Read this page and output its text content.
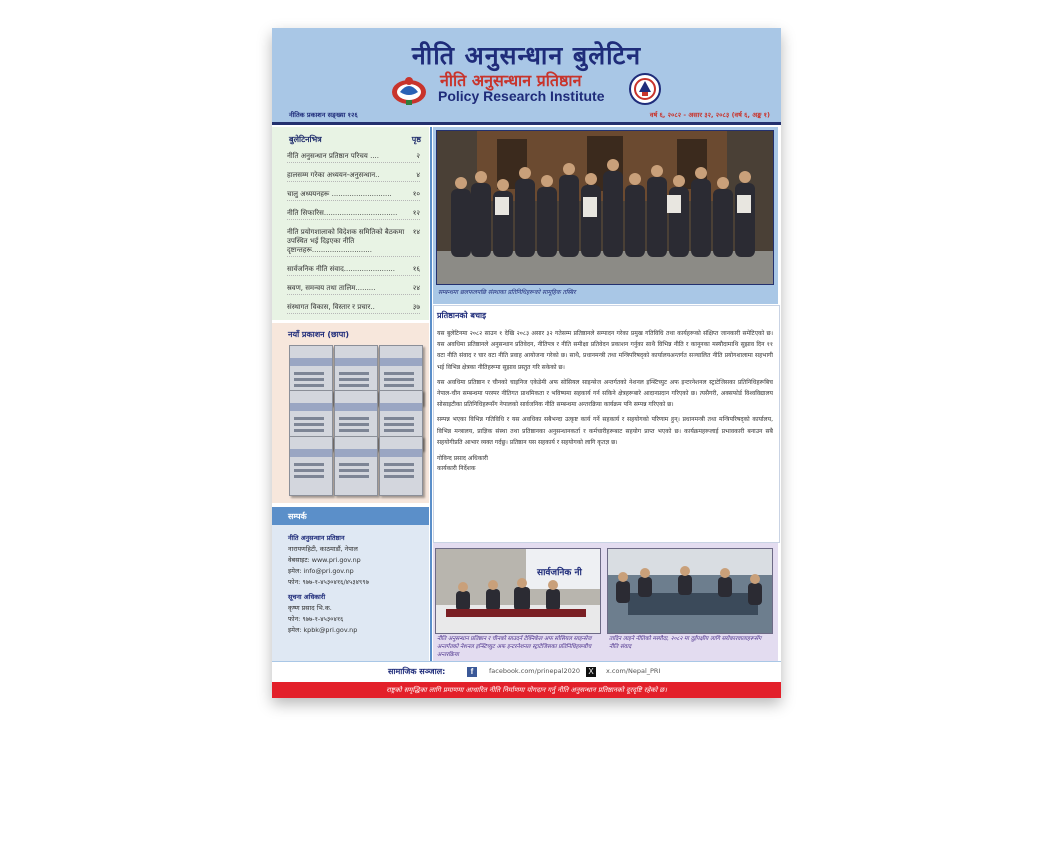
नीति अनुसन्धान बुलेटिन
नीति अनुसन्धान प्रतिष्ठान
Policy Research Institute
नीतिक प्रकाशन सङ्ख्या १२६	वर्ष ६, २०८२ - असार ३२, २०८३ (वर्ष ६, अङ्क १)
बुलेटिनभित्र	पृष्ठ
नीति अनुसन्धान प्रतिष्ठान परिचय ....	२
हालसम्म गरेका अध्ययन-अनुसन्धान..	४
चालु अध्ययनहरू ...........................	१०
नीति सिफारिस................................. १२
नीति प्रयोगशालाको विदेशक समितिको बैठकमा उपस्थित भई दिइएका नीति दृष्टान्तहरू...........................
१४
सार्वजनिक नीति संवाद.......................	१६
स्रवण, समन्वय तथा तालिम.........	२४
संस्थागत विकास, विस्तार र प्रचार..	३७
नयाँ प्रकाशन (छापा)
सम्पर्क
नीति अनुसन्धान प्रतिष्ठान
नारायणहिटी, काठमाडौं, नेपाल
वेबसाइट: www.pri.gov.np
इमेल: info@pri.gov.np
फोन: ९७७-१-४५३०४१६/४५३४९९७
सूचना अधिकारी
कृष्ण प्रसाद भि.क.
फोन: ९७७-१-४५३०४१६
इमेल: kpbk@pri.gov.np
सम्बन्धमा छलफलपछि संस्थाका प्रतिनिधिहरूको सामूहिक तस्बिर
प्रतिष्ठानको बचाइ

यस बुलेटिनमा २०८२ साउन १ देखि २०८३ असार ३२ गतेसम्म प्रतिष्ठानले सम्पादन गरेका प्रमुख गतिविधि तथा कार्यहरूको संक्षिप्त जानकारी समेटिएको छ। यस अवधिमा प्रतिष्ठानले अनुसन्धान प्रतिवेदन, नीतिपत्र र नीति समीक्षा प्रतिवेदन प्रकाशन गर्नुका साथै विभिन्न नीति र कानूनका मस्यौदामाथि सुझाव दिन ११ वटा नीति संवाद र चार वटा नीति प्रवाह आयोजना गरेको छ। साथै, प्रधानमन्त्री तथा मन्त्रिपरिषद्को कार्यालयअन्तर्गत सञ्चालित नीति प्रयोगशालामा सहभागी भई विभिन्न क्षेत्रका नीतिहरूमा सुझाव प्रस्तुत गरि सकेको छ।

यस अवधिमा प्रतिष्ठान र चीनको चाइनिज एकेडेमी अफ सोसियल साइन्सेज अन्तर्गतको नेशनल इन्स्टिच्युट अफ इन्टरनेशनल स्ट्राटेजिसका प्रतिनिधिहरूबिच नेपाल-चीन सम्बन्धमा परस्पर नीतिगत प्राथमिकता र भविष्यमा सहकार्य गर्न सकिने क्षेत्रहरूबारे आदानप्रदान गरिएको छ। त्यसैगरी, अक्सफोर्ड विश्वविद्यालय सोसाइटीका प्रतिनिधिहरूसँग नेपालको सार्वजनिक नीति सम्बन्धमा अन्तरक्रिया कार्यक्रम पनि सम्पन्न गरिएको छ।

सम्पन्न भएका विभिन्न गतिविधि र यस अवधिका सबैभन्दा उत्कृष्ट कार्य गर्ने सहकार्य र सहयोगको परिणाम हुन्। प्रधानमन्त्री तथा मन्त्रिपरिषद्को कार्यालय, विभिन्न मन्त्रालय, प्राज्ञिक संस्था तथा प्रतिष्ठानका अनुसन्धानकर्ता र कर्मचारीहरूबाट सहयोग प्राप्त भएको छ। कार्यक्रमहरूलाई प्रभावकारी बनाउन सबै सहयोगीप्रति आभार व्यक्त गर्दछु। प्रतिष्ठान यस सहकार्य र सहयोगको लागि कृतज्ञ छ।

गोविन्द प्रसाद अधिकारी
कार्यकारी निर्देशक
सार्वजनिक नी
नीति अनुसन्धान प्रतिष्ठान र चीनको साउदर्न टेक्निकेल अफ सोसियल साइन्सेज अन्तर्गतको नेशनल इन्स्टिच्युट अफ इन्टरनेशनल स्ट्राटेजिसका प्रतिनिधिहरूबीच अन्तरक्रिया
तादिन लाइने नीतिको मस्यौदा, २०८२ मा दुईपक्षीय लागि सरोकारवालाहरूसँग नीति संवाद
सामाजिक सञ्जाल:	f	facebook.com/prinepal2020 X	x.com/Nepal_PRI
राष्ट्रको समृद्धिका लागि प्रमाणमा आधारित नीति निर्माणमा योगदान गर्नु नीति अनुसन्धान प्रतिष्ठानको दूरदृष्टि रहेको छ।
